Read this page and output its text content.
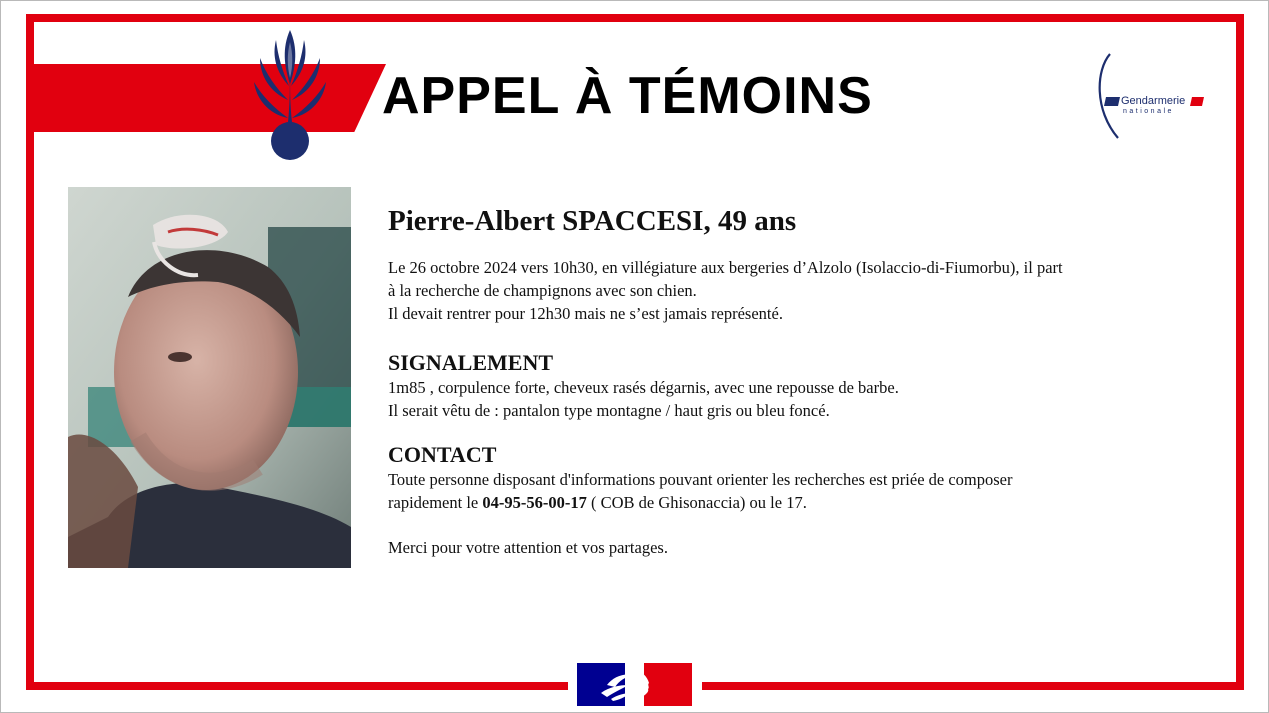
APPEL À TÉMOINS	Gendarmerie
nationale
Pierre-Albert SPACCESI, 49 ans

Le 26 octobre 2024 vers 10h30, en villégiature aux bergeries d’Alzolo (Isolaccio-di-Fiumorbu), il part

à la recherche de champignons avec son chien.

Il devait rentrer pour 12h30 mais ne s’est jamais représenté.

SIGNALEMENT

1m85 , corpulence forte, cheveux rasés dégarnis, avec une repousse de barbe.

Il serait vêtu de : pantalon type montagne / haut gris ou bleu foncé.

CONTACT

Toute personne disposant d'informations pouvant orienter les recherches est priée de composer

rapidement le 04-95-56-00-17 ( COB de Ghisonaccia) ou le 17.

Merci pour votre attention et vos partages.
